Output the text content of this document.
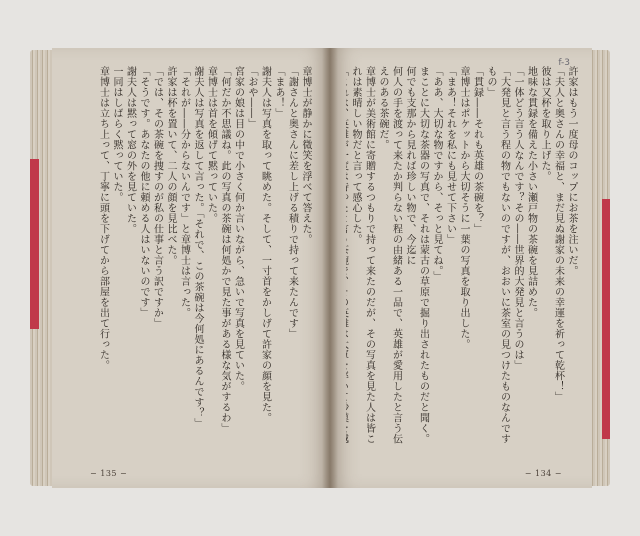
章博士が静かに微笑を浮べて答えた。

「謝さんと奥さんに差し上げる積りで持って来たんです」

「まあ！」

謝夫人は写真を取って眺めた。そして、一寸首をかしげて許家の顔を見た。

「おや――」

宮家の娘は目の中で小さく何か言いながら、急いで写真を見ていた。

「何だか不思議ね。此の写真の茶碗は何処かで見た事がある様な気がするわ」

章博士は首を傾げて黙っていた。

謝夫人は写真を返して言った。「それで、この茶碗は今何処にあるんです？」

「それが――分からないんです」と章博士は言った。

許家は杯を置いて、二人の顔を見比べた。

「では、その茶碗を捜すのが私の仕事と言う訳ですか」

「そうです。あなたの他に頼める人はいないのです」

謝夫人は黙って窓の外を見ていた。

一同はしばらく黙っていた。

章博士は立ち上って、丁寧に頭を下げてから部屋を出て行った。

− 135 −
f-3

許家はもう一度母のコップにお茶を注いだ。

「夫人と奥さんの幸福と、まだ見ぬ謝家の未来の幸運を祈って乾杯！」

彼は又杯を取り上げた。

地味な貫録を備えた小さい瀬戸物の茶碗を見詰めた。

「一体どう言う人なんです？その――世界的大発見と言うのは」

「大発見と言う程の物でもないのですが、おおいに茶室の見つけたものなんですもの」

「貫録――それも英雄の茶碗を？」

章博士はポケットから大切そうに一葉の写真を取り出した。

「まあ！それを私にも見せて下さい」

「ああ、大切な物ですから、そっと見てね。」

まことに大切な茶器の写真で、それは蒙古の草原で掘り出されたものだと聞く。何でも支那から見れば珍しい物で、今迄に

何人の手を渡って来たか判らない程の由緒ある一品で、英雄が愛用したと言う伝えのある茶碗だ。

章博士が美術館に寄贈するつもりで持って来たのだが、その写真を見た人は皆これは素晴しい物だと言って感心した。

− 134 −
